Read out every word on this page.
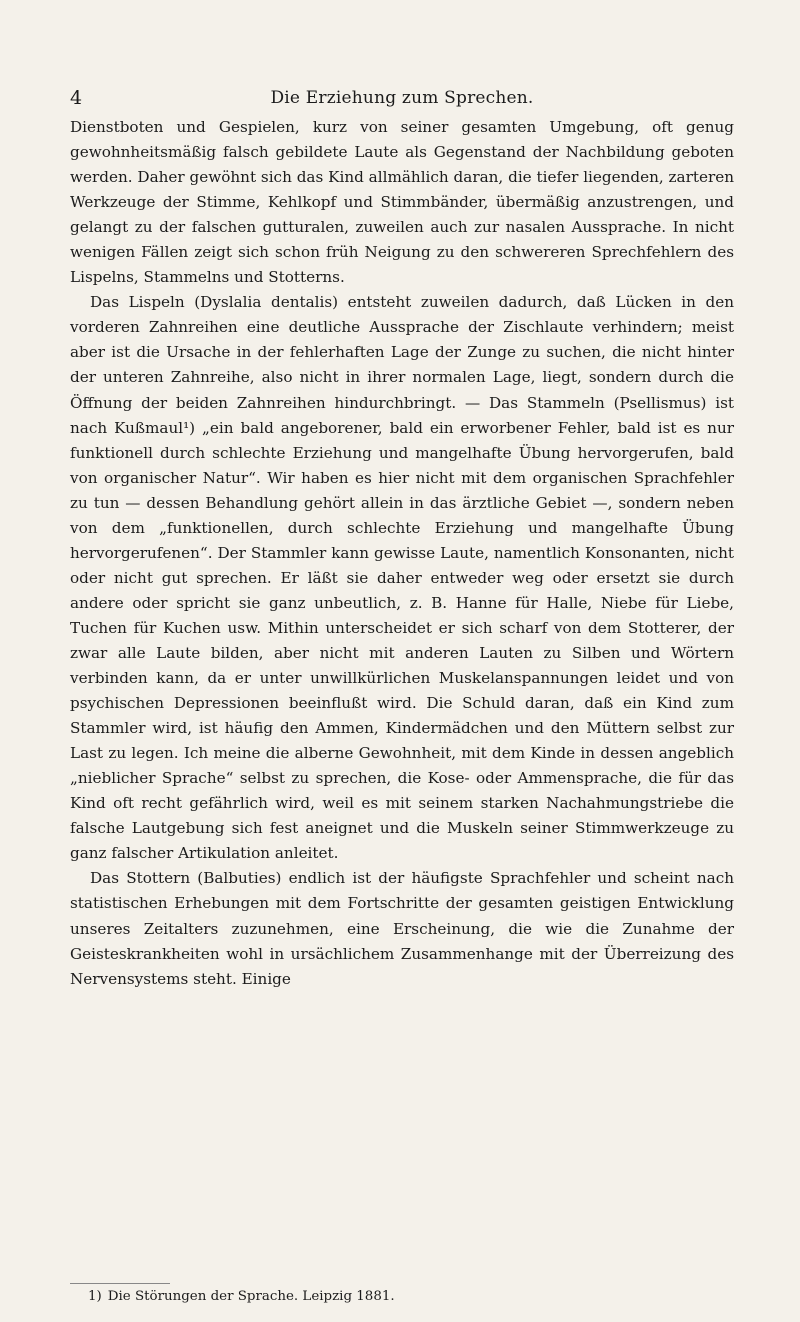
4	Die Erziehung zum Sprechen.

Dienstboten und Gespielen, kurz von seiner gesamten Umgebung, oft genug gewohnheitsmäßig falsch gebildete Laute als Gegenstand der Nachbildung geboten werden. Daher gewöhnt sich das Kind allmählich daran, die tiefer liegenden, zarteren Werkzeuge der Stimme, Kehlkopf und Stimmbänder, übermäßig anzustrengen, und gelangt zu der falschen gutturalen, zuweilen auch zur nasalen Aussprache. In nicht wenigen Fällen zeigt sich schon früh Neigung zu den schwereren Sprechfehlern des Lispelns, Stammelns und Stotterns.

Das Lispeln (Dyslalia dentalis) entsteht zuweilen dadurch, daß Lücken in den vorderen Zahnreihen eine deutliche Aussprache der Zischlaute verhindern; meist aber ist die Ursache in der fehlerhaften Lage der Zunge zu suchen, die nicht hinter der unteren Zahnreihe, also nicht in ihrer normalen Lage, liegt, sondern durch die Öffnung der beiden Zahnreihen hindurchbringt. — Das Stammeln (Psellismus) ist nach Kußmaul¹) „ein bald angeborener, bald ein erworbener Fehler, bald ist es nur funktionell durch schlechte Erziehung und mangelhafte Übung hervorgerufen, bald von organischer Natur“. Wir haben es hier nicht mit dem organischen Sprachfehler zu tun — dessen Behandlung gehört allein in das ärztliche Gebiet —, sondern neben von dem „funktionellen, durch schlechte Erziehung und mangelhafte Übung hervorgerufenen“. Der Stammler kann gewisse Laute, namentlich Konsonanten, nicht oder nicht gut sprechen. Er läßt sie daher entweder weg oder ersetzt sie durch andere oder spricht sie ganz unbeutlich, z. B. Hanne für Halle, Niebe für Liebe, Tuchen für Kuchen usw. Mithin unterscheidet er sich scharf von dem Stotterer, der zwar alle Laute bilden, aber nicht mit anderen Lauten zu Silben und Wörtern verbinden kann, da er unter unwillkürlichen Muskelanspannungen leidet und von psychischen Depressionen beeinflußt wird. Die Schuld daran, daß ein Kind zum Stammler wird, ist häufig den Ammen, Kindermädchen und den Müttern selbst zur Last zu legen. Ich meine die alberne Gewohnheit, mit dem Kinde in dessen angeblich „nieblicher Sprache“ selbst zu sprechen, die Kose- oder Ammensprache, die für das Kind oft recht gefährlich wird, weil es mit seinem starken Nachahmungstriebe die falsche Lautgebung sich fest aneignet und die Muskeln seiner Stimmwerkzeuge zu ganz falscher Artikulation anleitet.

Das Stottern (Balbuties) endlich ist der häufigste Sprachfehler und scheint nach statistischen Erhebungen mit dem Fortschritte der gesamten geistigen Entwicklung unseres Zeitalters zuzunehmen, eine Erscheinung, die wie die Zunahme der Geisteskrankheiten wohl in ursächlichem Zusammenhange mit der Überreizung des Nervensystems steht. Einige

1) Die Störungen der Sprache. Leipzig 1881.
